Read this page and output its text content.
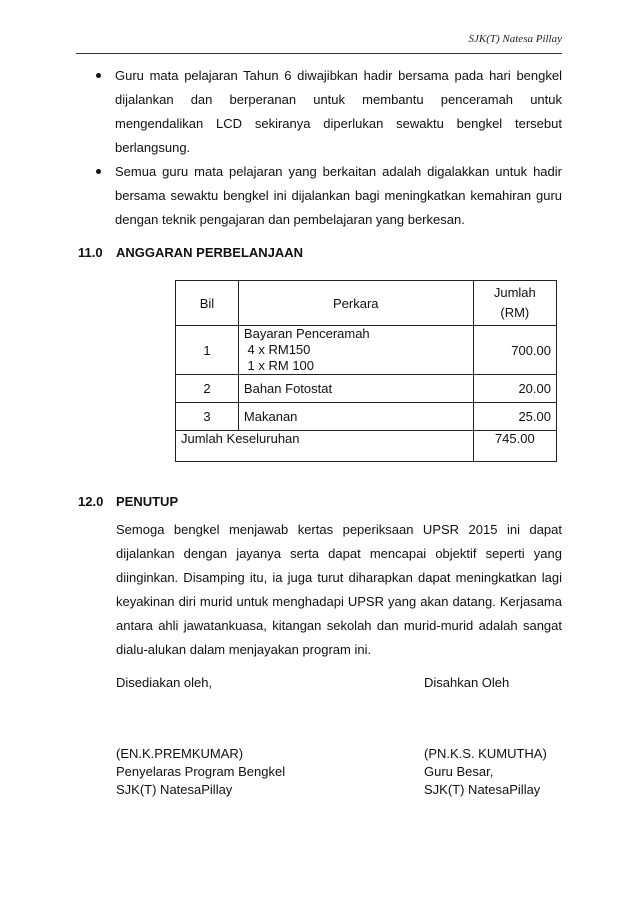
SJK(T) Natesa Pillay
Guru mata pelajaran Tahun 6 diwajibkan hadir bersama pada hari bengkel dijalankan dan berperanan untuk membantu penceramah untuk mengendalikan LCD sekiranya diperlukan sewaktu bengkel tersebut berlangsung.
Semua guru mata pelajaran yang berkaitan adalah digalakkan untuk hadir bersama sewaktu bengkel ini dijalankan bagi meningkatkan kemahiran guru dengan teknik pengajaran dan pembelajaran yang berkesan.
11.0 ANGGARAN PERBELANJAAN
Bil	Perkara	Jumlah
(RM)

1	Bayaran Penceramah
4 x RM150
1 x RM 100	700.00
2	Bahan Fotostat	20.00
3	Makanan	25.00
Jumlah Keseluruhan		745.00
12.0 PENUTUP

Semoga bengkel menjawab kertas peperiksaan UPSR 2015 ini dapat dijalankan dengan jayanya serta dapat mencapai objektif seperti yang diinginkan. Disamping itu, ia juga turut diharapkan dapat meningkatkan lagi keyakinan diri murid untuk menghadapi UPSR yang akan datang. Kerjasama antara ahli jawatankuasa, kitangan sekolah dan murid-murid adalah sangat dialu-alukan dalam menjayakan program ini.

Disediakan oleh,	Disahkan Oleh
(EN.K.PREMKUMAR)
Penyelaras Program Bengkel
SJK(T) NatesaPillay
(PN.K.S. KUMUTHA)
Guru Besar,
SJK(T) NatesaPillay
